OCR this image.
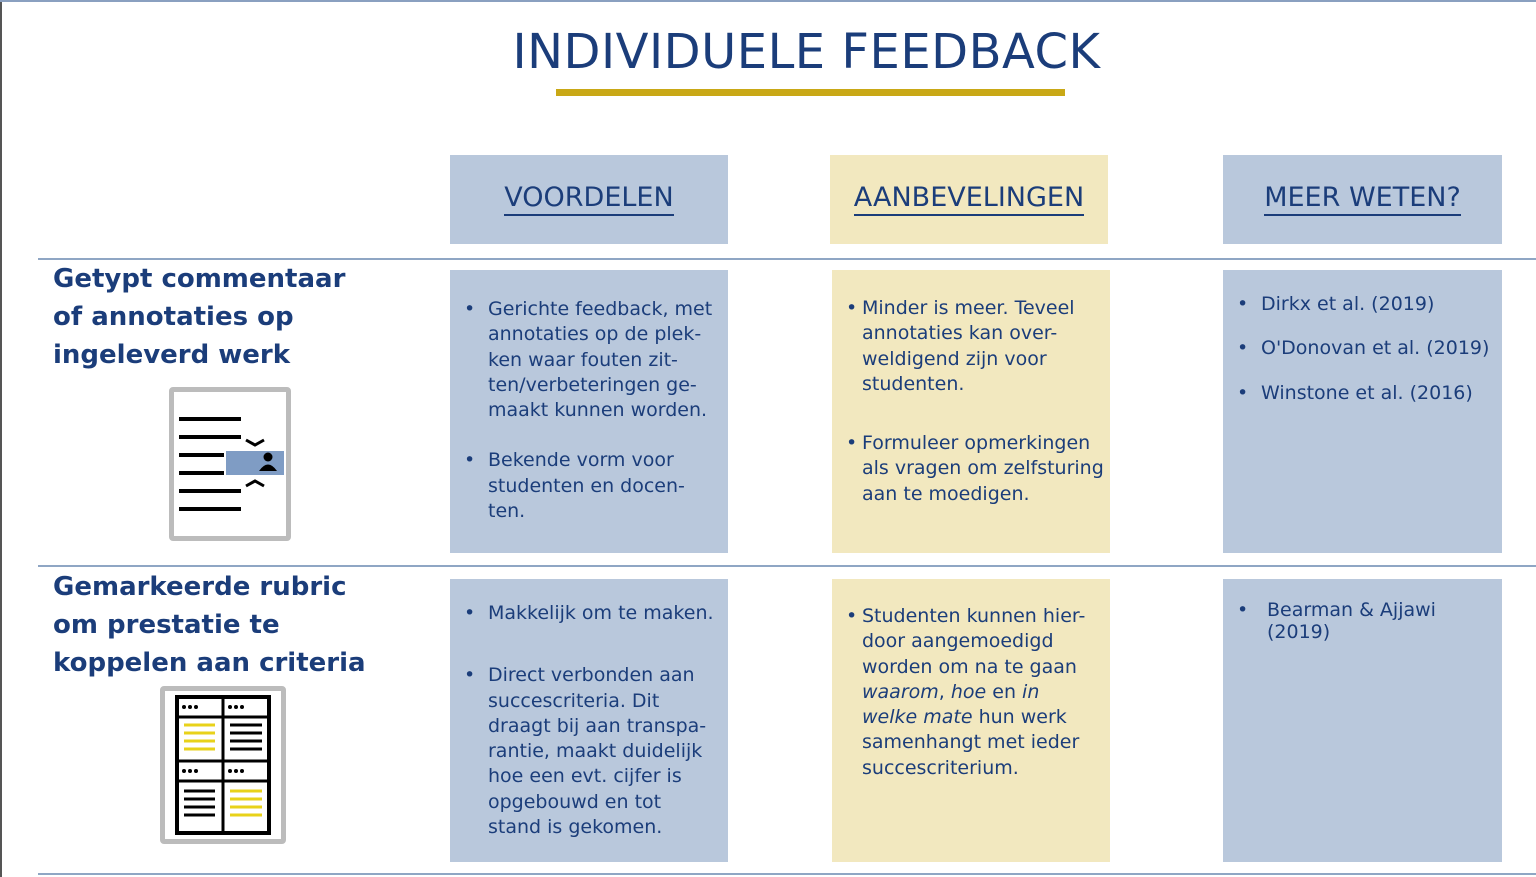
INDIVIDUELE FEEDBACK
VOORDELEN	AANBEVELINGEN	MEER WETEN?
Getypt commentaar
of annotaties op
ingeleverd werk
• Gerichte feedback, met
annotaties op de plek-
ken waar fouten zit-
ten/verbeteringen ge-
maakt kunnen worden.
• Bekende vorm voor
studenten en docen-
ten.
• Minder is meer. Teveel
annotaties kan over-
weldigend zijn voor
studenten.
• Formuleer opmerkingen
als vragen om zelfsturing
aan te moedigen.
• Dirkx et al. (2019)
• O'Donovan et al. (2019)
• Winstone et al. (2016)
Gemarkeerde rubric
om prestatie te
koppelen aan criteria
• Makkelijk om te maken.
• Direct verbonden aan
succescriteria. Dit
draagt bij aan transpa-
rantie, maakt duidelijk
hoe een evt. cijfer is
opgebouwd en tot
stand is gekomen.
• Studenten kunnen hier-
door aangemoedigd
worden om na te gaan
waarom, hoe en in
welke mate hun werk
samenhangt met ieder
succescriterium.
• Bearman & Ajjawi
(2019)
